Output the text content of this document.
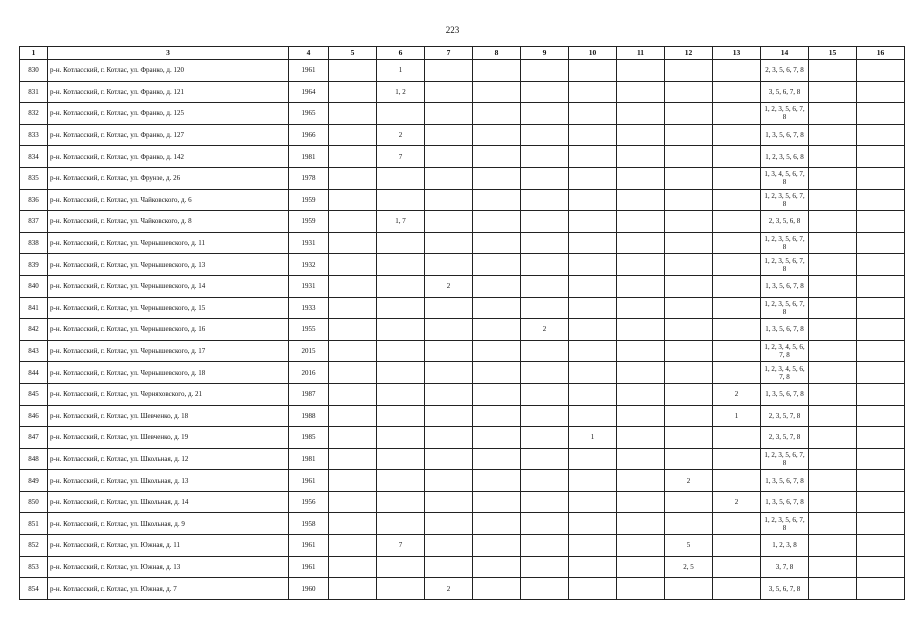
223
1	3	4	5	6	7	8	9	10	11	12	13	14	15	16
830	р-н. Котласский, г. Котлас, ул. Франко, д. 120	1961		1								2, 3, 5, 6, 7, 8		
831	р-н. Котласский, г. Котлас, ул. Франко, д. 121	1964		1, 2								3, 5, 6, 7, 8		
832	р-н. Котласский, г. Котлас, ул. Франко, д. 125	1965										1, 2, 3, 5, 6, 7, 8		
833	р-н. Котласский, г. Котлас, ул. Франко, д. 127	1966		2								1, 3, 5, 6, 7, 8		
834	р-н. Котласский, г. Котлас, ул. Франко, д. 142	1981		7								1, 2, 3, 5, 6, 8		
835	р-н. Котласский, г. Котлас, ул. Фрунзе, д. 26	1978										1, 3, 4, 5, 6, 7, 8		
836	р-н. Котласский, г. Котлас, ул. Чайковского, д. 6	1959										1, 2, 3, 5, 6, 7, 8		
837	р-н. Котласский, г. Котлас, ул. Чайковского, д. 8	1959		1, 7								2, 3, 5, 6, 8		
838	р-н. Котласский, г. Котлас, ул. Чернышевского, д. 11	1931										1, 2, 3, 5, 6, 7, 8		
839	р-н. Котласский, г. Котлас, ул. Чернышевского, д. 13	1932										1, 2, 3, 5, 6, 7, 8		
840	р-н. Котласский, г. Котлас, ул. Чернышевского, д. 14	1931			2							1, 3, 5, 6, 7, 8		
841	р-н. Котласский, г. Котлас, ул. Чернышевского, д. 15	1933										1, 2, 3, 5, 6, 7, 8		
842	р-н. Котласский, г. Котлас, ул. Чернышевского, д. 16	1955					2					1, 3, 5, 6, 7, 8		
843	р-н. Котласский, г. Котлас, ул. Чернышевского, д. 17	2015										1, 2, 3, 4, 5, 6, 7, 8		
844	р-н. Котласский, г. Котлас, ул. Чернышевского, д. 18	2016										1, 2, 3, 4, 5, 6, 7, 8		
845	р-н. Котласский, г. Котлас, ул. Черняховского, д. 21	1987									2	1, 3, 5, 6, 7, 8		
846	р-н. Котласский, г. Котлас, ул. Шевченко, д. 18	1988									1	2, 3, 5, 7, 8		
847	р-н. Котласский, г. Котлас, ул. Шевченко, д. 19	1985						1				2, 3, 5, 7, 8		
848	р-н. Котласский, г. Котлас, ул. Школьная, д. 12	1981										1, 2, 3, 5, 6, 7, 8		
849	р-н. Котласский, г. Котлас, ул. Школьная, д. 13	1961								2		1, 3, 5, 6, 7, 8		
850	р-н. Котласский, г. Котлас, ул. Школьная, д. 14	1956									2	1, 3, 5, 6, 7, 8		
851	р-н. Котласский, г. Котлас, ул. Школьная, д. 9	1958										1, 2, 3, 5, 6, 7, 8		
852	р-н. Котласский, г. Котлас, ул. Южная, д. 11	1961		7						5		1, 2, 3, 8		
853	р-н. Котласский, г. Котлас, ул. Южная, д. 13	1961								2, 5		3, 7, 8		
854	р-н. Котласский, г. Котлас, ул. Южная, д. 7	1960			2							3, 5, 6, 7, 8		
